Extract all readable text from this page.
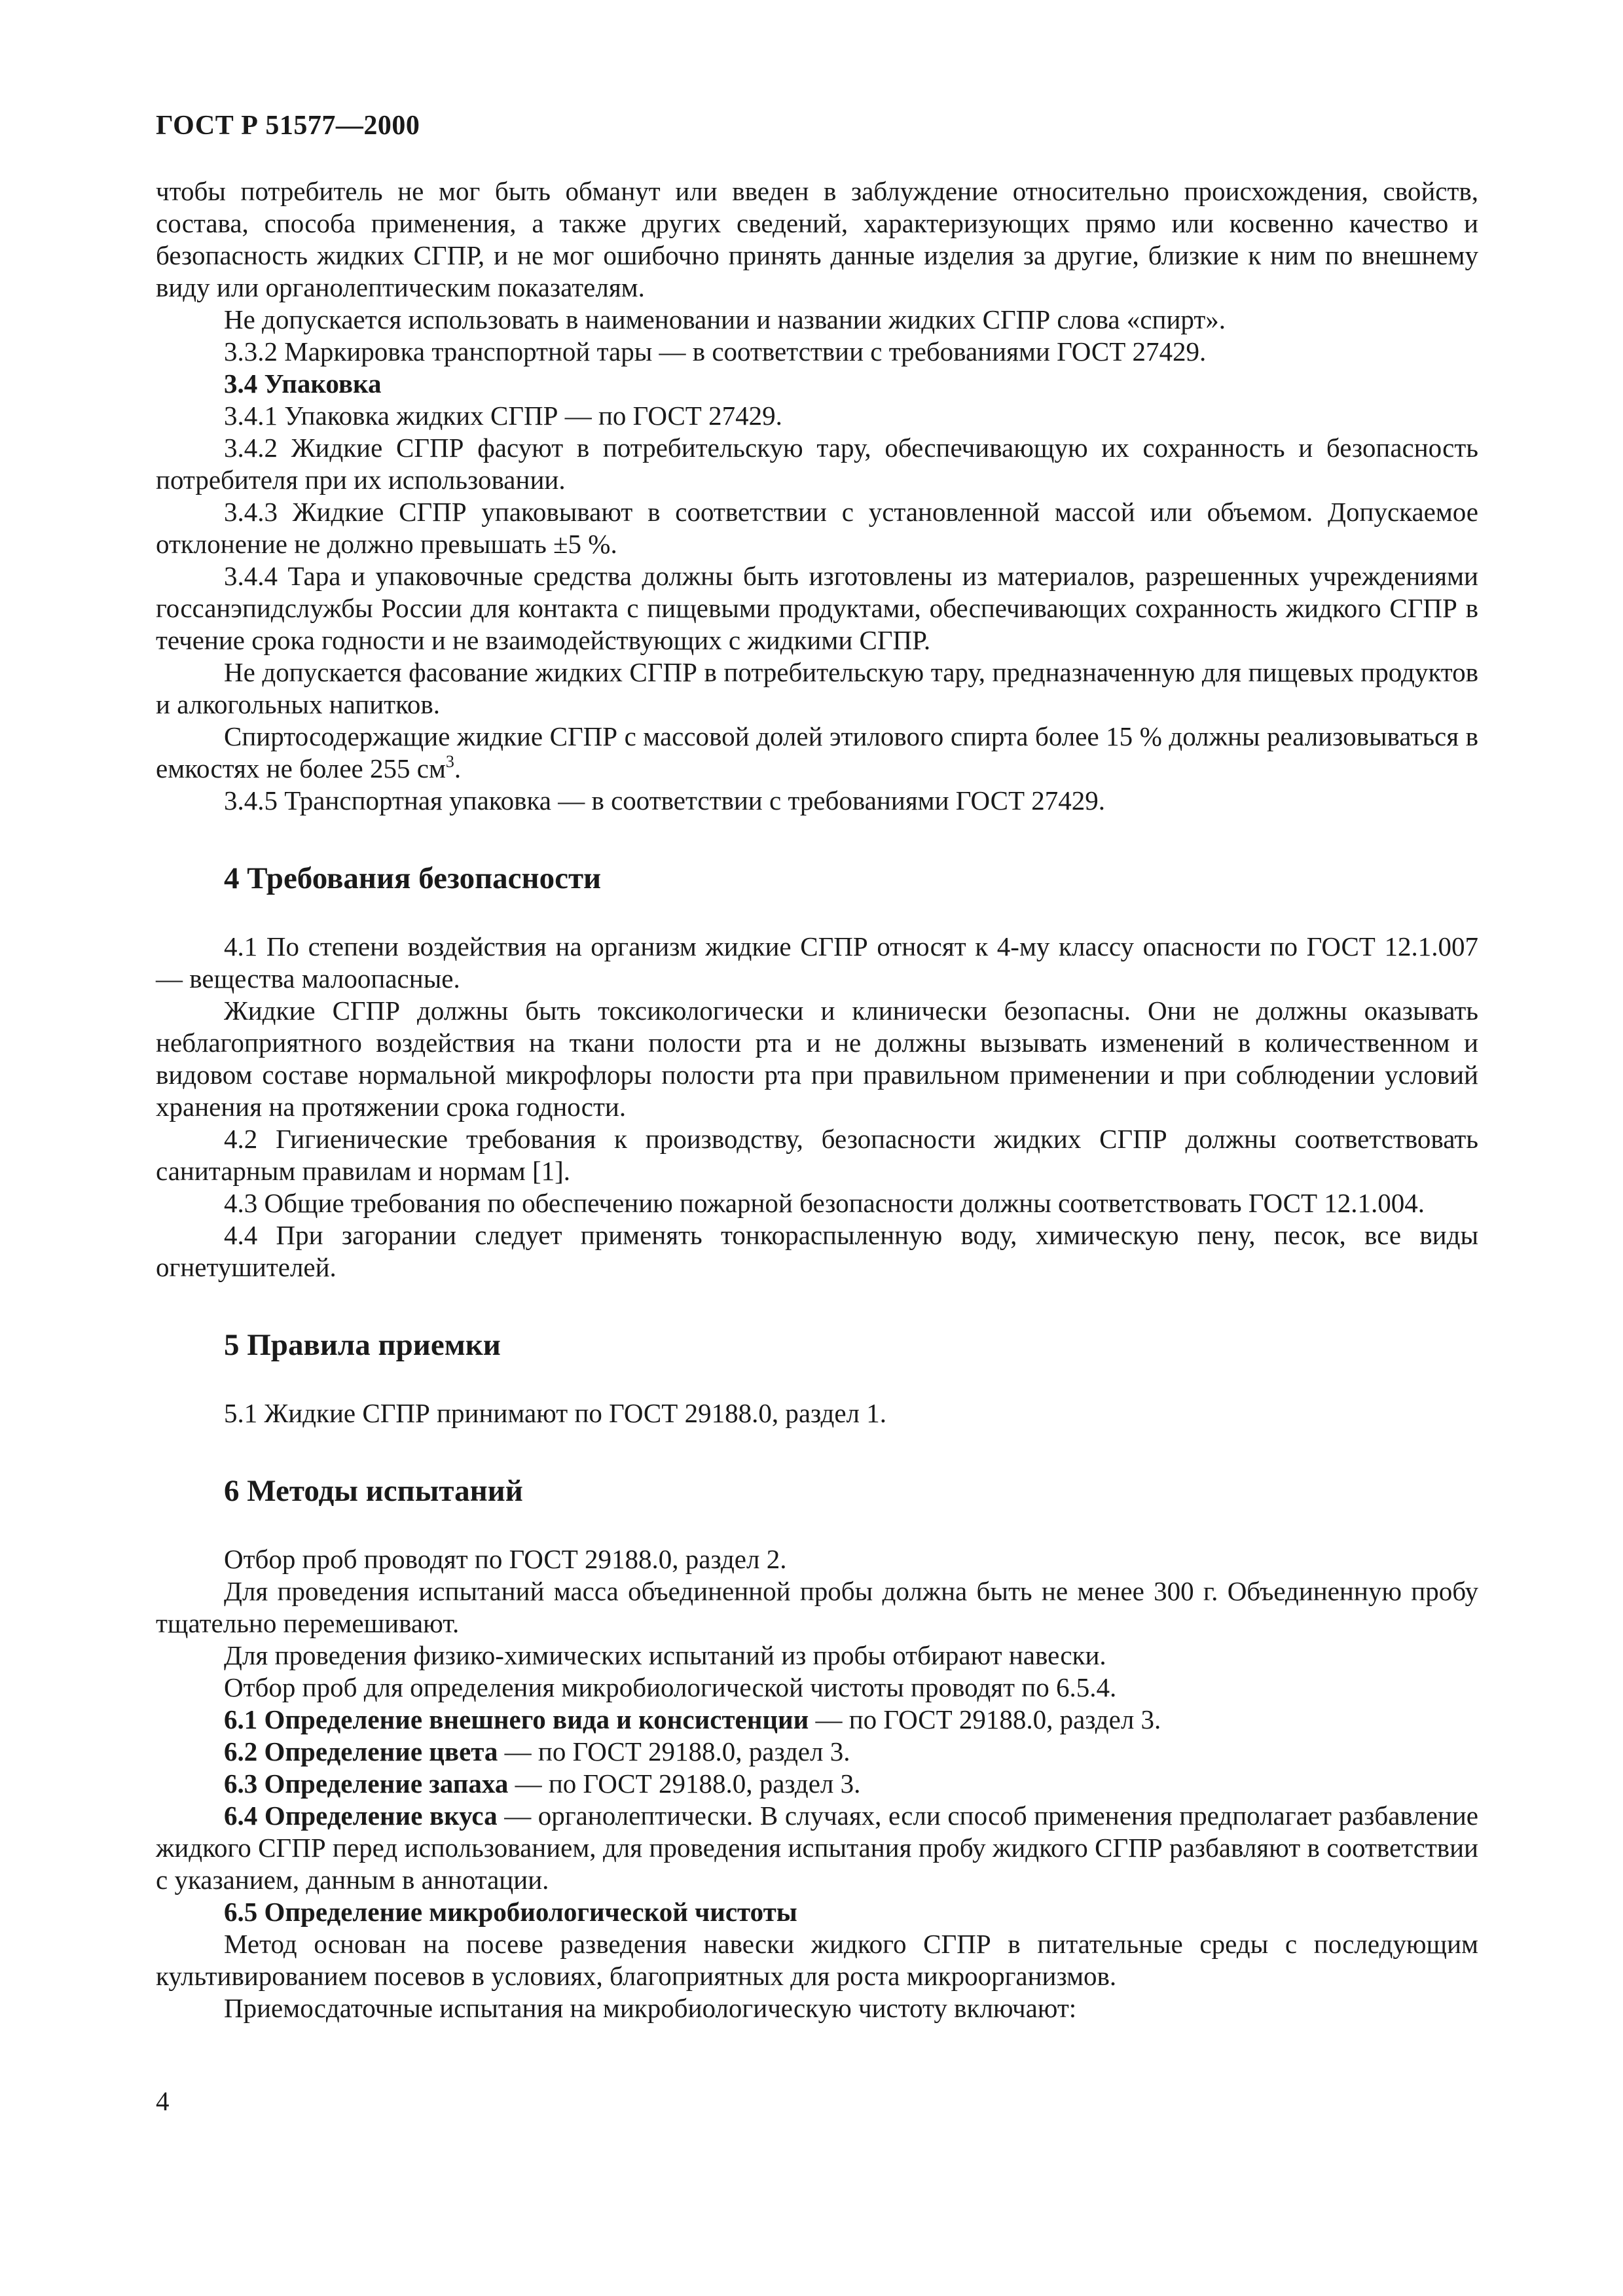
ГОСТ Р 51577—2000

чтобы потребитель не мог быть обманут или введен в заблуждение относительно происхождения, свойств, состава, способа применения, а также других сведений, характеризующих прямо или косвенно качество и безопасность жидких СГПР, и не мог ошибочно принять данные изделия за другие, близкие к ним по внешнему виду или органолептическим показателям.

Не допускается использовать в наименовании и названии жидких СГПР слова «спирт».

3.3.2 Маркировка транспортной тары — в соответствии с требованиями ГОСТ 27429.

3.4 Упаковка

3.4.1 Упаковка жидких СГПР — по ГОСТ 27429.

3.4.2 Жидкие СГПР фасуют в потребительскую тару, обеспечивающую их сохранность и безопасность потребителя при их использовании.

3.4.3 Жидкие СГПР упаковывают в соответствии с установленной массой или объемом. Допускаемое отклонение не должно превышать ±5 %.

3.4.4 Тара и упаковочные средства должны быть изготовлены из материалов, разрешенных учреждениями госсанэпидслужбы России для контакта с пищевыми продуктами, обеспечивающих сохранность жидкого СГПР в течение срока годности и не взаимодействующих с жидкими СГПР.

Не допускается фасование жидких СГПР в потребительскую тару, предназначенную для пищевых продуктов и алкогольных напитков.

Спиртосодержащие жидкие СГПР с массовой долей этилового спирта более 15 % должны реализовываться в емкостях не более 255 $см^3$.

3.4.5 Транспортная упаковка — в соответствии с требованиями ГОСТ 27429.

4 Требования безопасности

4.1 По степени воздействия на организм жидкие СГПР относят к 4-му классу опасности по ГОСТ 12.1.007 — вещества малоопасные.

Жидкие СГПР должны быть токсикологически и клинически безопасны. Они не должны оказывать неблагоприятного воздействия на ткани полости рта и не должны вызывать изменений в количественном и видовом составе нормальной микрофлоры полости рта при правильном применении и при соблюдении условий хранения на протяжении срока годности.

4.2 Гигиенические требования к производству, безопасности жидких СГПР должны соответствовать санитарным правилам и нормам [1].

4.3 Общие требования по обеспечению пожарной безопасности должны соответствовать ГОСТ 12.1.004.

4.4 При загорании следует применять тонкораспыленную воду, химическую пену, песок, все виды огнетушителей.

5 Правила приемки

5.1 Жидкие СГПР принимают по ГОСТ 29188.0, раздел 1.

6 Методы испытаний

Отбор проб проводят по ГОСТ 29188.0, раздел 2.

Для проведения испытаний масса объединенной пробы должна быть не менее 300 г. Объединенную пробу тщательно перемешивают.

Для проведения физико-химических испытаний из пробы отбирают навески.

Отбор проб для определения микробиологической чистоты проводят по 6.5.4.

6.1 Определение внешнего вида и консистенции — по ГОСТ 29188.0, раздел 3.

6.2 Определение цвета — по ГОСТ 29188.0, раздел 3.

6.3 Определение запаха — по ГОСТ 29188.0, раздел 3.

6.4 Определение вкуса — органолептически. В случаях, если способ применения предполагает разбавление жидкого СГПР перед использованием, для проведения испытания пробу жидкого СГПР разбавляют в соответствии с указанием, данным в аннотации.

6.5 Определение микробиологической чистоты

Метод основан на посеве разведения навески жидкого СГПР в питательные среды с последующим культивированием посевов в условиях, благоприятных для роста микроорганизмов.

Приемосдаточные испытания на микробиологическую чистоту включают:

4
